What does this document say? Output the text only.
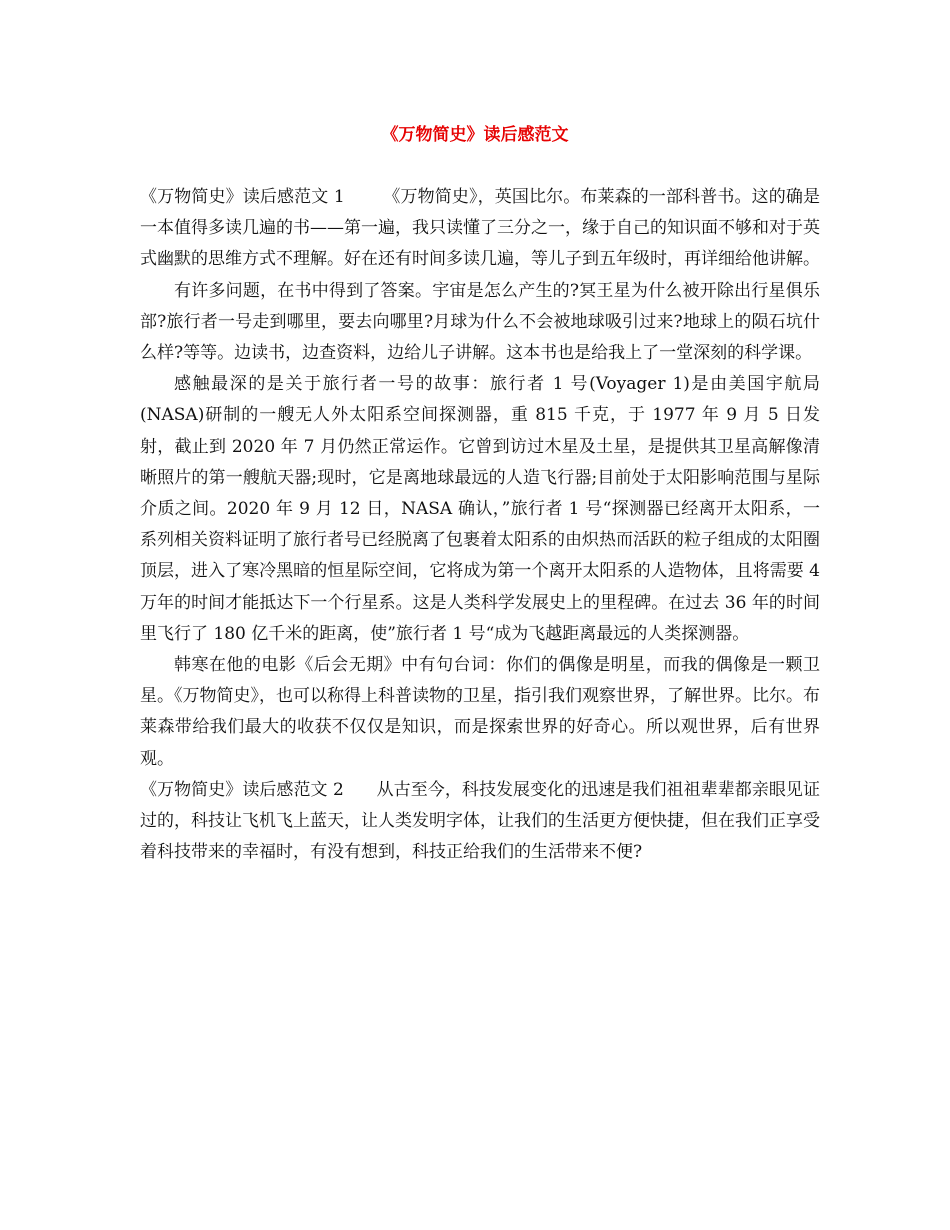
《万物简史》读后感范文

《万物简史》读后感范文 1 《万物简史》，英国比尔。布莱森的一部科普书。这的确是一本值得多读几遍的书——第一遍，我只读懂了三分之一，缘于自己的知识面不够和对于英式幽默的思维方式不理解。好在还有时间多读几遍，等儿子到五年级时，再详细给他讲解。

有许多问题，在书中得到了答案。宇宙是怎么产生的?冥王星为什么被开除出行星俱乐部?旅行者一号走到哪里，要去向哪里?月球为什么不会被地球吸引过来?地球上的陨石坑什么样?等等。边读书，边查资料，边给儿子讲解。这本书也是给我上了一堂深刻的科学课。

感触最深的是关于旅行者一号的故事：旅行者 1 号(Voyager 1)是由美国宇航局(NASA)研制的一艘无人外太阳系空间探测器，重 815 千克，于 1977 年 9 月 5 日发射，截止到 2020 年 7 月仍然正常运作。它曾到访过木星及土星，是提供其卫星高解像清晰照片的第一艘航天器;现时，它是离地球最远的人造飞行器;目前处于太阳影响范围与星际介质之间。2020 年 9 月 12 日，NASA 确认，”旅行者 1 号“探测器已经离开太阳系，一系列相关资料证明了旅行者号已经脱离了包裹着太阳系的由炽热而活跃的粒子组成的太阳圈顶层，进入了寒冷黑暗的恒星际空间，它将成为第一个离开太阳系的人造物体，且将需要 4 万年的时间才能抵达下一个行星系。这是人类科学发展史上的里程碑。在过去 36 年的时间里飞行了 180 亿千米的距离，使”旅行者 1 号“成为飞越距离最远的人类探测器。

韩寒在他的电影《后会无期》中有句台词：你们的偶像是明星，而我的偶像是一颗卫星。《万物简史》，也可以称得上科普读物的卫星，指引我们观察世界，了解世界。比尔。布莱森带给我们最大的收获不仅仅是知识，而是探索世界的好奇心。所以观世界，后有世界观。

《万物简史》读后感范文 2 从古至今，科技发展变化的迅速是我们祖祖辈辈都亲眼见证过的，科技让飞机飞上蓝天，让人类发明字体，让我们的生活更方便快捷，但在我们正享受着科技带来的幸福时，有没有想到，科技正给我们的生活带来不便?
